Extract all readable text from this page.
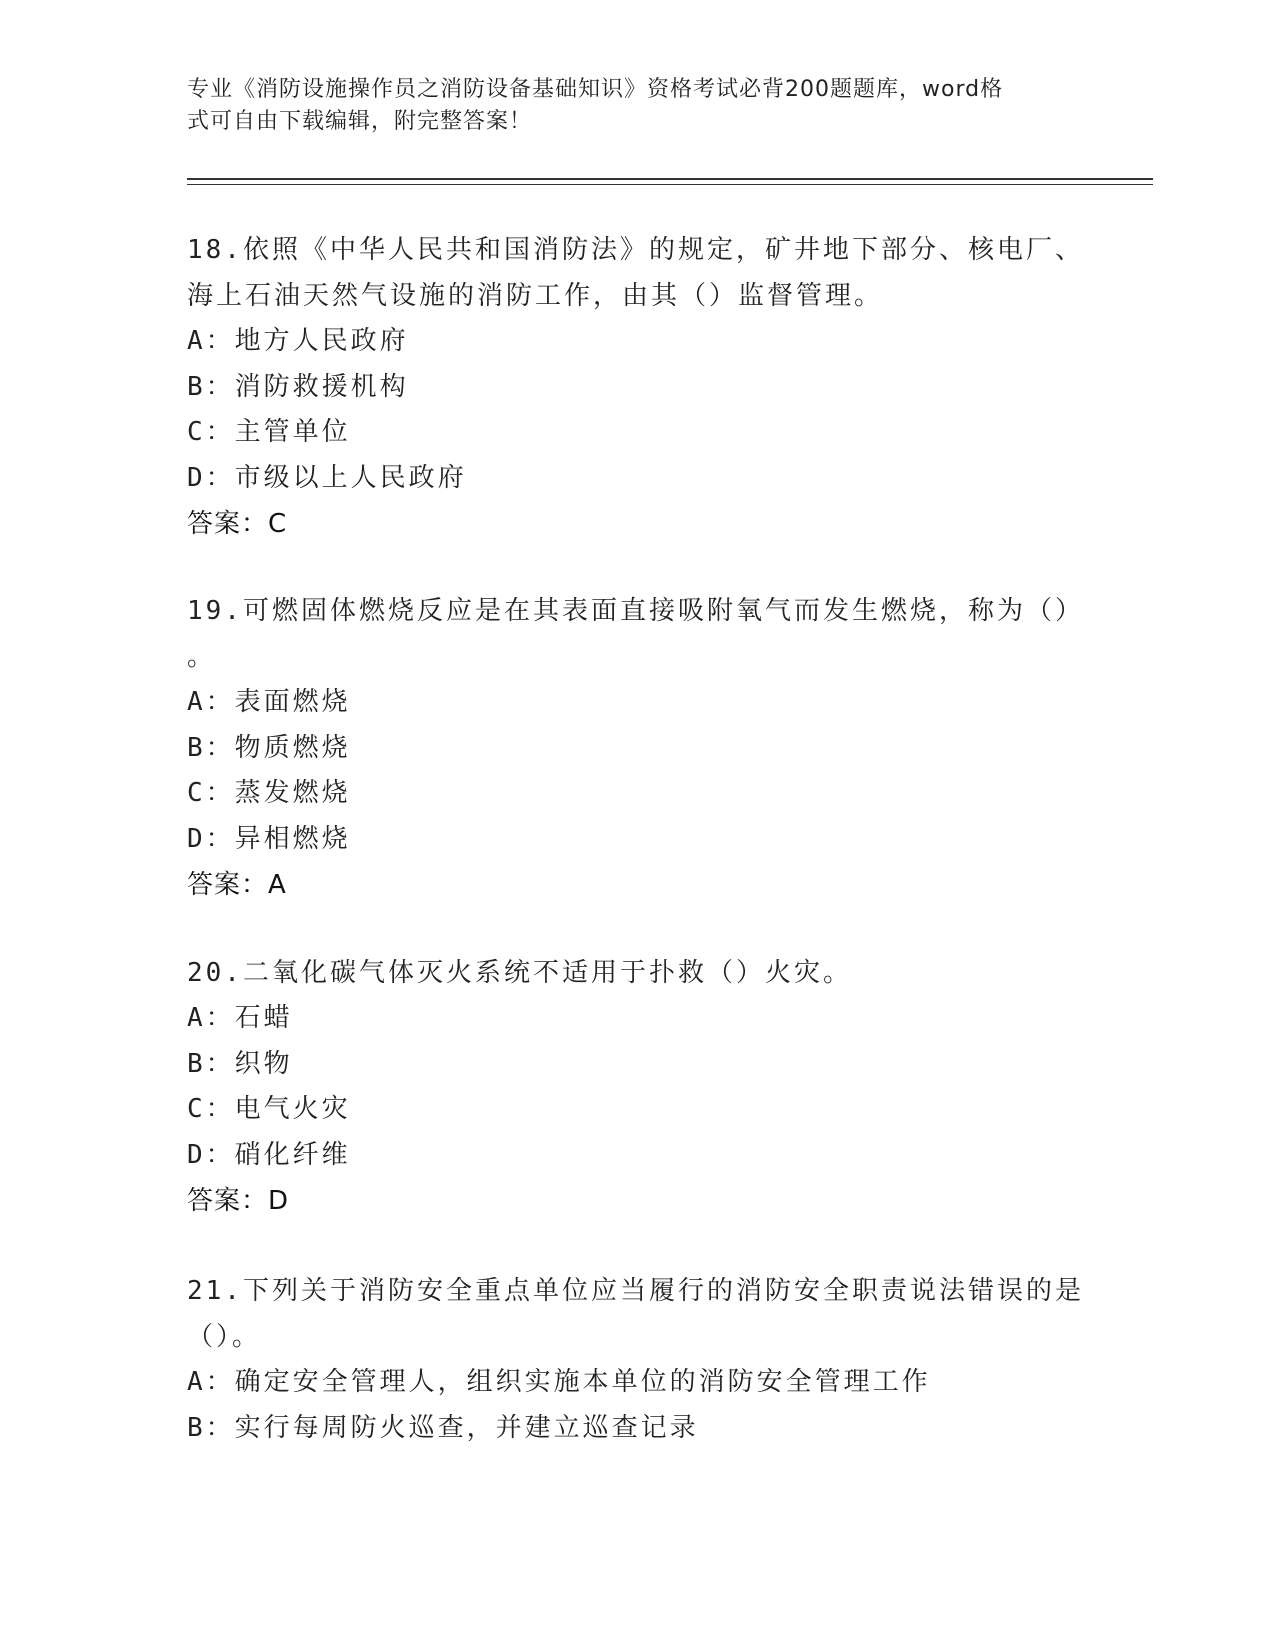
专业《消防设施操作员之消防设备基础知识》资格考试必背200题题库，word格
式可自由下载编辑，附完整答案！
18.依照《中华人民共和国消防法》的规定，矿井地下部分、核电厂、
海上石油天然气设施的消防工作，由其（）监督管理。
A：地方人民政府
B：消防救援机构
C：主管单位
D：市级以上人民政府
答案：C
19.可燃固体燃烧反应是在其表面直接吸附氧气而发生燃烧，称为（）
。
A：表面燃烧
B：物质燃烧
C：蒸发燃烧
D：异相燃烧
答案：A
20.二氧化碳气体灭火系统不适用于扑救（）火灾。
A：石蜡
B：织物
C：电气火灾
D：硝化纤维
答案：D
21.下列关于消防安全重点单位应当履行的消防安全职责说法错误的是
（）。
A：确定安全管理人，组织实施本单位的消防安全管理工作
B：实行每周防火巡查，并建立巡查记录
